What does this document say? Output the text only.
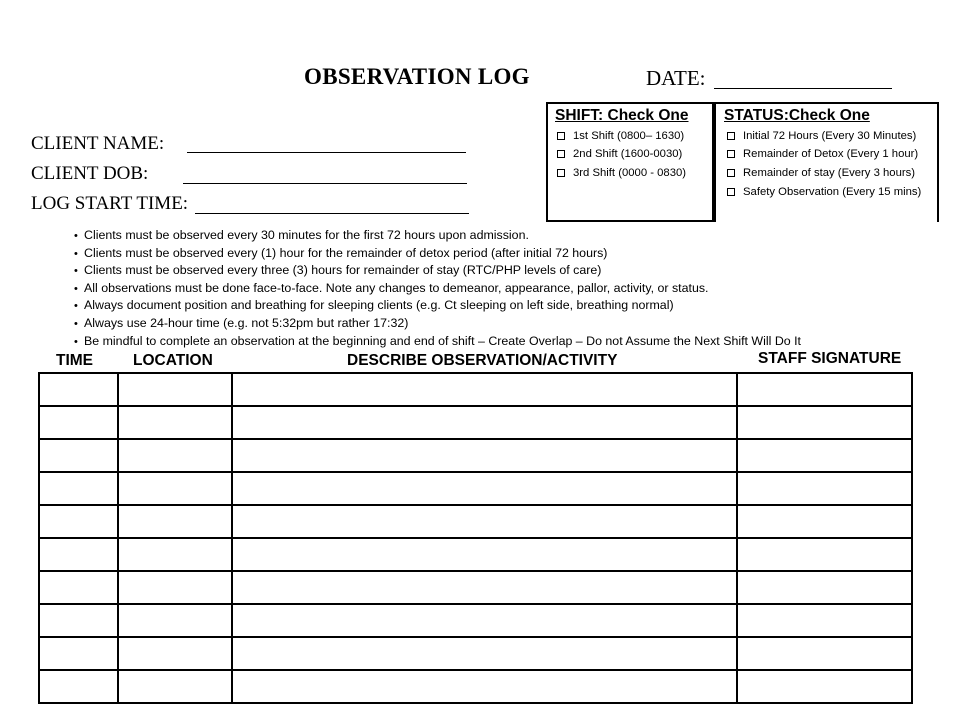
OBSERVATION LOG	DATE:
CLIENT NAME:
CLIENT DOB:
LOG START TIME:
SHIFT: Check One
1st Shift (0800– 1630)
2nd Shift (1600-0030)
3rd Shift (0000 - 0830)
STATUS:Check One
Initial 72 Hours (Every 30 Minutes)
Remainder of Detox (Every 1 hour)
Remainder of stay (Every 3 hours)
Safety Observation (Every 15 mins)
• Clients must be observed every 30 minutes for the first 72 hours upon admission.
• Clients must be observed every (1) hour for the remainder of detox period (after initial 72 hours)
• Clients must be observed every three (3) hours for remainder of stay (RTC/PHP levels of care)
• All observations must be done face-to-face. Note any changes to demeanor, appearance, pallor, activity, or status.
• Always document position and breathing for sleeping clients (e.g. Ct sleeping on left side, breathing normal)
• Always use 24-hour time (e.g. not 5:32pm but rather 17:32)
• Be mindful to complete an observation at the beginning and end of shift – Create Overlap – Do not Assume the Next Shift Will Do It
TIME	LOCATION	DESCRIBE OBSERVATION/ACTIVITY	STAFF SIGNATURE
